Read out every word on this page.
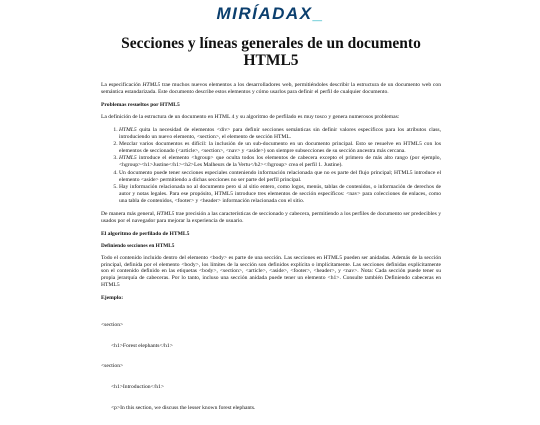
MIRÍADAX_
Secciones y líneas generales de un documento HTML5

La especificación HTML5 trae muchos nuevos elementos a los desarrolladores web, permitiéndoles describir la estructura de un documento web con semántica estandarizada. Este documento describe estos elementos y cómo usarlos para definir el perfil de cualquier documento.

Problemas resueltos por HTML5

La definición de la estructura de un documento en HTML 4 y su algoritmo de perfilado es muy tosco y genera numerosos problemas:

1. HTML5 quita la necesidad de elementos <div> para definir secciones semánticas sin definir valores específicos para los atributos class, introduciendo un nuevo elemento, <section>, el elemento de sección HTML.
2. Mezclar varios documentos es difícil: la inclusión de un sub-documento en un documento principal. Esto se resuelve en HTML5 con los elementos de seccionado (<article>, <section>, <nav> y <aside>) son siempre subsecciones de su sección ancestra más cercana.
3. HTML5 introduce el elemento <hgroup> que oculta todos los elementos de cabecera excepto el primero de más alto rango (por ejemplo, <hgroup><h1>Justine</h1><h2>Les Malheurs de la Vertu</h2></hgroup> crea el perfil 1. Justine).
4. Un documento puede tener secciones especiales conteniendo información relacionada que no es parte del flujo principal; HTML5 introduce el elemento <aside> permitiendo a dichas secciones no ser parte del perfil principal.
5. Hay información relacionada no al documento pero si al sitio entero, como logos, menús, tablas de contenidos, o información de derechos de autor y notas legales. Para ese propósito, HTML5 introduce tres elementos de sección específicos: <nav> para colecciones de enlaces, como una tabla de contenidos, <footer> y <header> información relacionada con el sitio.

De manera más general, HTML5 trae precisión a las características de seccionado y cabecera, permitiendo a los perfiles de documento ser predecibles y usados por el navegador para mejorar la experiencia de usuario.

El algoritmo de perfilado de HTML5

Definiendo secciones en HTML5

Todo el contenido incluido dentro del elemento <body> es parte de una sección. Las secciones en HTML5 pueden ser anidadas. Además de la sección principal, definida por el elemento <body>, los límites de la sección son definidos explícita o implícitamente. Las secciones definidas explícitamente son el contenido definido en las etiquetas <body>, <section>, <article>, <aside>, <footer>, <header>, y <nav>. Nota: Cada sección puede tener su propia jerarquía de cabeceras. Por lo tanto, incluso una sección anidada puede tener un elemento <h1>. Consulte también Definiendo cabeceras en HTML5

Ejemplo:

<section>

<h1>Forest elephants</h1>

<section>

<h1>Introduction</h1>

<p>In this section, we discuss the lesser known forest elephants.
